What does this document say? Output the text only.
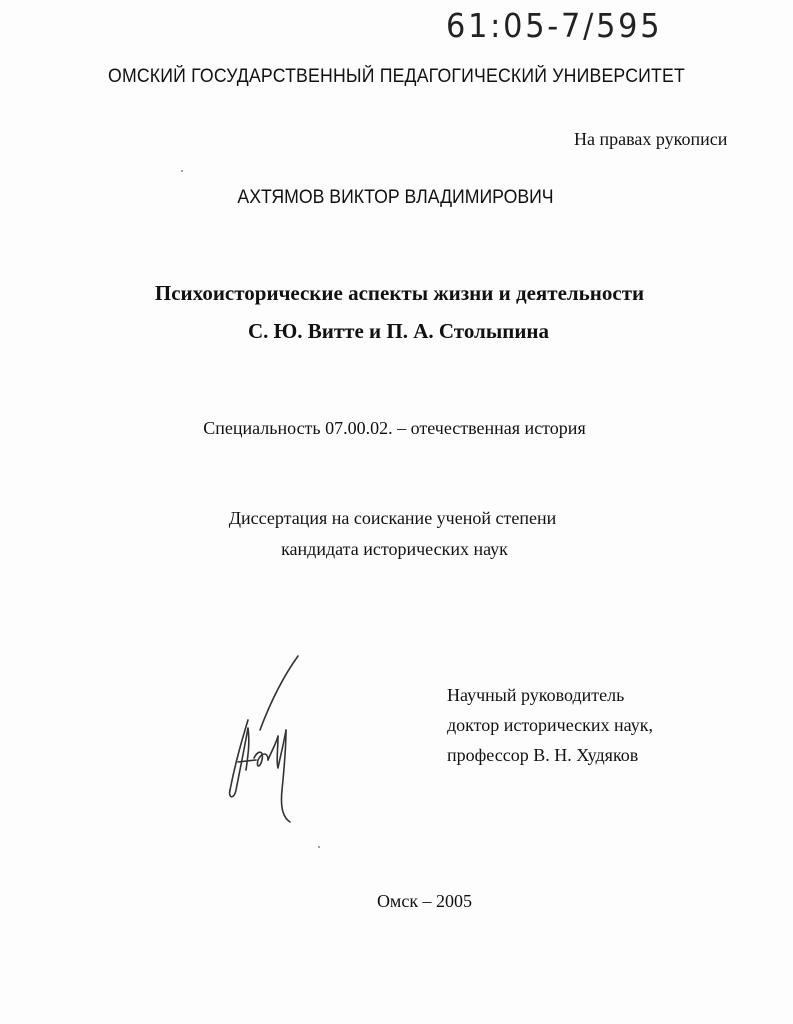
61:05-7/595
ОМСКИЙ ГОСУДАРСТВЕННЫЙ ПЕДАГОГИЧЕСКИЙ УНИВЕРСИТЕТ
На правах рукописи
АХТЯМОВ ВИКТОР ВЛАДИМИРОВИЧ
Психоисторические аспекты жизни и деятельности
С. Ю. Витте и П. А. Столыпина
Специальность 07.00.02. – отечественная история
Диссертация на соискание ученой степени
кандидата исторических наук
Научный руководитель
доктор исторических наук,
профессор В. Н. Худяков
Омск – 2005
